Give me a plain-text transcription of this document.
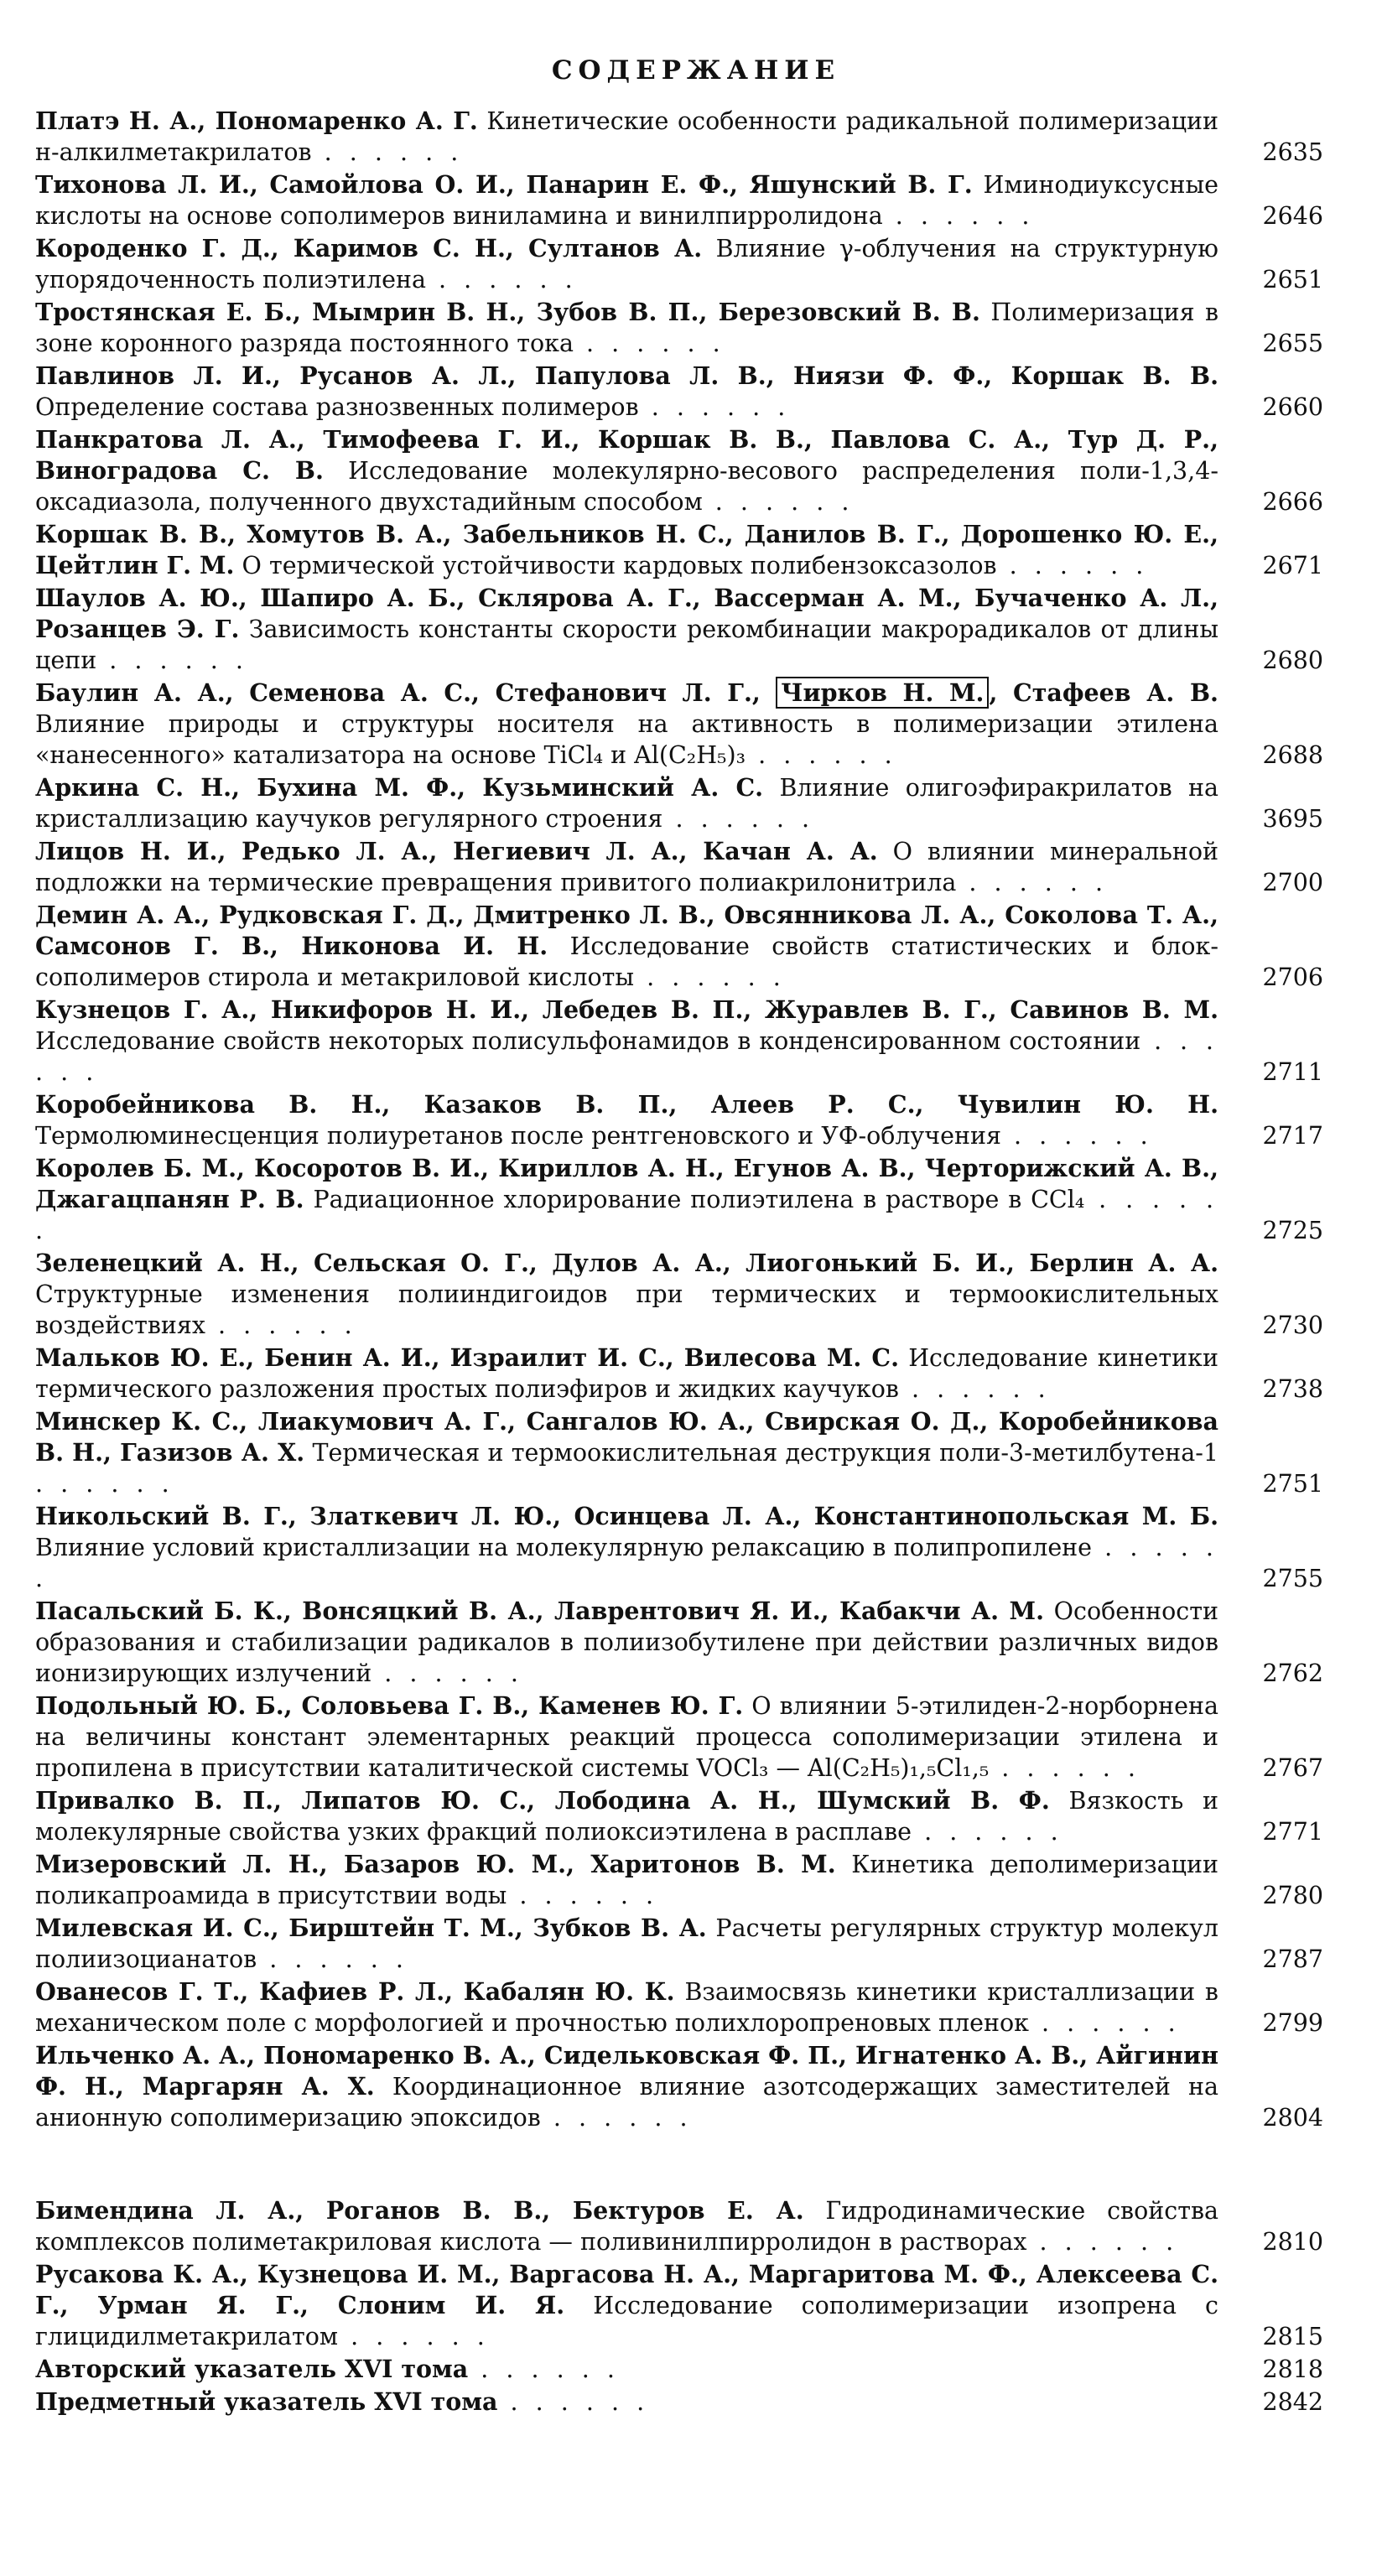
СОДЕРЖАНИЕ
Платэ Н. А., Пономаренко А. Г. Кинетические особенности радикальной полимеризации н-алкилметакрилатов . . . . . .	2635
Тихонова Л. И., Самойлова О. И., Панарин Е. Ф., Яшунский В. Г. Иминодиуксусные кислоты на основе сополимеров виниламина и винилпирролидона . . . . . .	2646
Короденко Г. Д., Каримов С. Н., Султанов А. Влияние γ-облучения на структурную упорядоченность полиэтилена . . . . . .	2651
Тростянская Е. Б., Мымрин В. Н., Зубов В. П., Березовский В. В. Полимеризация в зоне коронного разряда постоянного тока . . . . . .	2655
Павлинов Л. И., Русанов А. Л., Папулова Л. В., Ниязи Ф. Ф., Коршак В. В. Определение состава разнозвенных полимеров . . . . . .	2660
Панкратова Л. А., Тимофеева Г. И., Коршак В. В., Павлова С. А., Тур Д. Р., Виноградова С. В. Исследование молекулярно-весового распределения поли-1,3,4-оксадиазола, полученного двухстадийным способом . . . . . .	2666
Коршак В. В., Хомутов В. А., Забельников Н. С., Данилов В. Г., Дорошенко Ю. Е., Цейтлин Г. М. О термической устойчивости кардовых полибензоксазолов . . . . . .	2671
Шаулов А. Ю., Шапиро А. Б., Склярова А. Г., Вассерман А. М., Бучаченко А. Л., Розанцев Э. Г. Зависимость константы скорости рекомбинации макрорадикалов от длины цепи . . . . . .	2680
Баулин А. А., Семенова А. С., Стефанович Л. Г., Чирков Н. М. , Стафеев А. В. Влияние природы и структуры носителя на активность в полимеризации этилена «нанесенного» катализатора на основе TiCl₄ и Al(C₂H₅)₃ . . . . . .	2688
Аркина С. Н., Бухина М. Ф., Кузьминский А. С. Влияние олигоэфиракрилатов на кристаллизацию каучуков регулярного строения . . . . . .	3695
Лицов Н. И., Редько Л. А., Негиевич Л. А., Качан А. А. О влиянии минеральной подложки на термические превращения привитого полиакрилонитрила . . . . . .	2700
Демин А. А., Рудковская Г. Д., Дмитренко Л. В., Овсянникова Л. А., Соколова Т. А., Самсонов Г. В., Никонова И. Н. Исследование свойств статистических и блок-сополимеров стирола и метакриловой кислоты . . . . . .	2706
Кузнецов Г. А., Никифоров Н. И., Лебедев В. П., Журавлев В. Г., Савинов В. М. Исследование свойств некоторых полисульфонамидов в конденсированном состоянии . . . . . .	2711
Коробейникова В. Н., Казаков В. П., Алеев Р. С., Чувилин Ю. Н. Термолюминесценция полиуретанов после рентгеновского и УФ-облучения . . . . . .	2717
Королев Б. М., Косоротов В. И., Кириллов А. Н., Егунов А. В., Черторижский А. В., Джагацпанян Р. В. Радиационное хлорирование полиэтилена в растворе в CCl₄ . . . . . .	2725
Зеленецкий А. Н., Сельская О. Г., Дулов А. А., Лиогонький Б. И., Берлин А. А. Структурные изменения полииндигоидов при термических и термоокислительных воздействиях . . . . . .	2730
Мальков Ю. Е., Бенин А. И., Израилит И. С., Вилесова М. С. Исследование кинетики термического разложения простых полиэфиров и жидких каучуков . . . . . .	2738
Минскер К. С., Лиакумович А. Г., Сангалов Ю. А., Свирская О. Д., Коробейникова В. Н., Газизов А. Х. Термическая и термоокислительная деструкция поли-3-метилбутена-1 . . . . . .	2751
Никольский В. Г., Златкевич Л. Ю., Осинцева Л. А., Константинопольская М. Б. Влияние условий кристаллизации на молекулярную релаксацию в полипропилене . . . . . .	2755
Пасальский Б. К., Вонсяцкий В. А., Лаврентович Я. И., Кабакчи А. М. Особенности образования и стабилизации радикалов в полиизобутилене при действии различных видов ионизирующих излучений . . . . . .	2762
Подольный Ю. Б., Соловьева Г. В., Каменев Ю. Г. О влиянии 5-этилиден-2-норборнена на величины констант элементарных реакций процесса сополимеризации этилена и пропилена в присутствии каталитической системы VOCl₃ — Al(C₂H₅)₁,₅Cl₁,₅ . . . . . .	2767
Привалко В. П., Липатов Ю. С., Лободина А. Н., Шумский В. Ф. Вязкость и молекулярные свойства узких фракций полиоксиэтилена в расплаве . . . . . .	2771
Мизеровский Л. Н., Базаров Ю. М., Харитонов В. М. Кинетика деполимеризации поликапроамида в присутствии воды . . . . . .	2780
Милевская И. С., Бирштейн Т. М., Зубков В. А. Расчеты регулярных структур молекул полиизоцианатов . . . . . .	2787
Ованесов Г. Т., Кафиев Р. Л., Кабалян Ю. К. Взаимосвязь кинетики кристаллизации в механическом поле с морфологией и прочностью полихлоропреновых пленок . . . . . .	2799
Ильченко А. А., Пономаренко В. А., Сидельковская Ф. П., Игнатенко А. В., Айгинин Ф. Н., Маргарян А. Х. Координационное влияние азотсодержащих заместителей на анионную сополимеризацию эпоксидов . . . . . .	2804
Бимендина Л. А., Роганов В. В., Бектуров Е. А. Гидродинамические свойства комплексов полиметакриловая кислота — поливинилпирролидон в растворах . . . . . .	2810
Русакова К. А., Кузнецова И. М., Варгасова Н. А., Маргаритова М. Ф., Алексеева С. Г., Урман Я. Г., Слоним И. Я. Исследование сополимеризации изопрена с глицидилметакрилатом . . . . . .	2815
Авторский указатель XVI тома . . . . . .	2818
Предметный указатель XVI тома . . . . . .	2842
